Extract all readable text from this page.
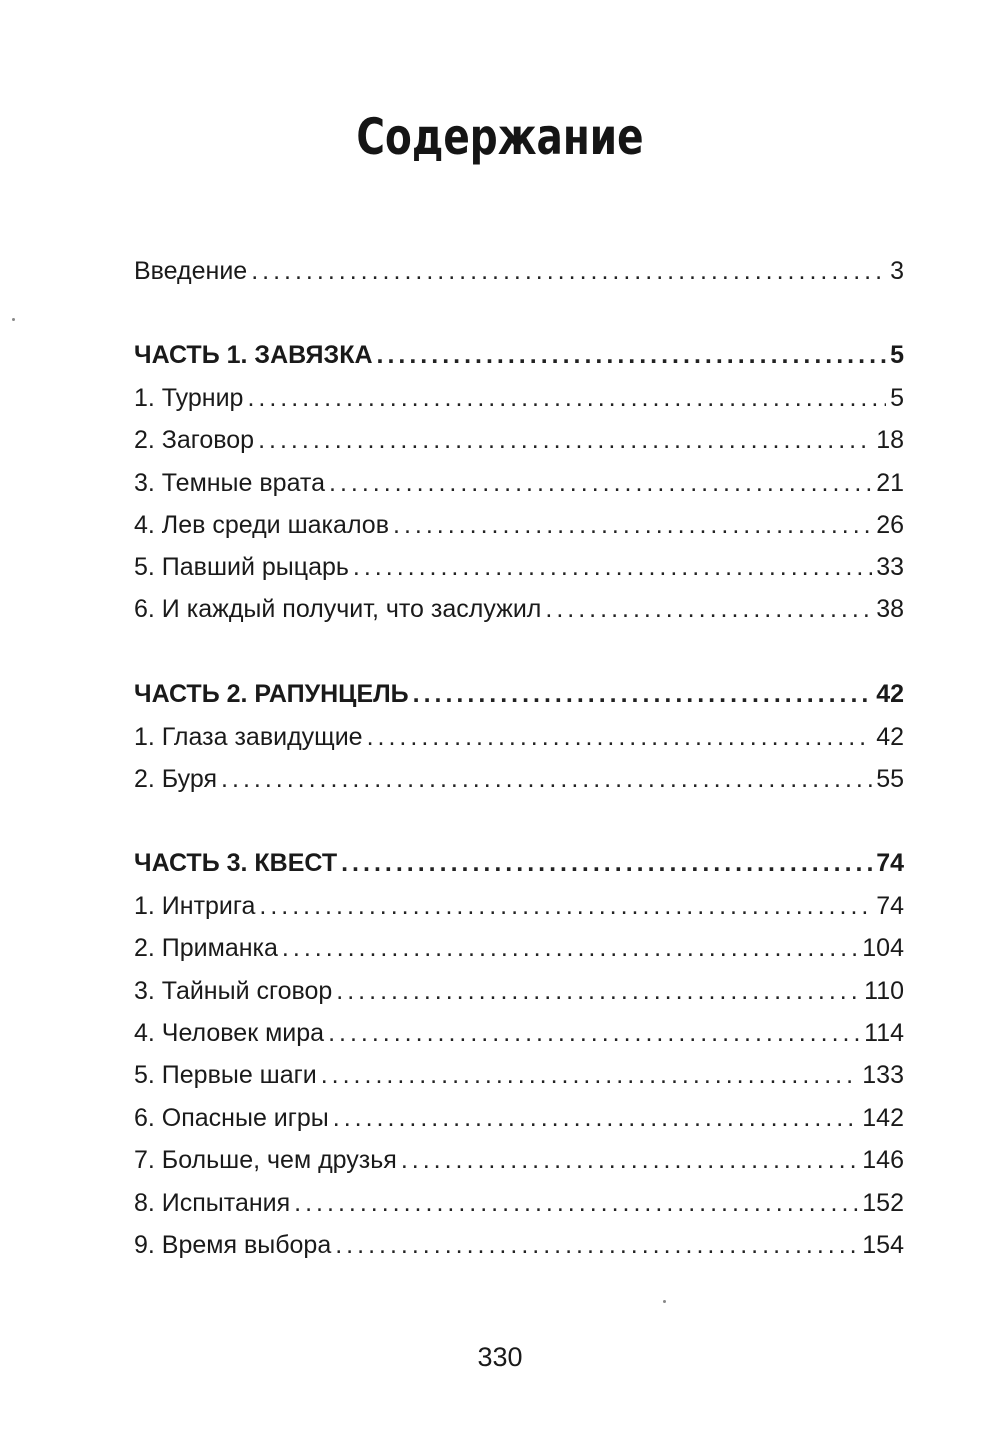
Содержание
Введение .....	3
ЧАСТЬ 1. ЗАВЯЗКА .....	5
1. Турнир .....	5
2. Заговор .....	18
3. Темные врата .....	21
4. Лев среди шакалов .....	26
5. Павший рыцарь .....	33
6. И каждый получит, что заслужил .....	38
ЧАСТЬ 2. РАПУНЦЕЛЬ .....	42
1. Глаза завидущие .....	42
2. Буря .....	55
ЧАСТЬ 3. КВЕСТ .....	74
1. Интрига .....	74
2. Приманка .....	104
3. Тайный сговор .....	110
4. Человек мира .....	114
5. Первые шаги .....	133
6. Опасные игры .....	142
7. Больше, чем друзья .....	146
8. Испытания .....	152
9. Время выбора .....	154
330
